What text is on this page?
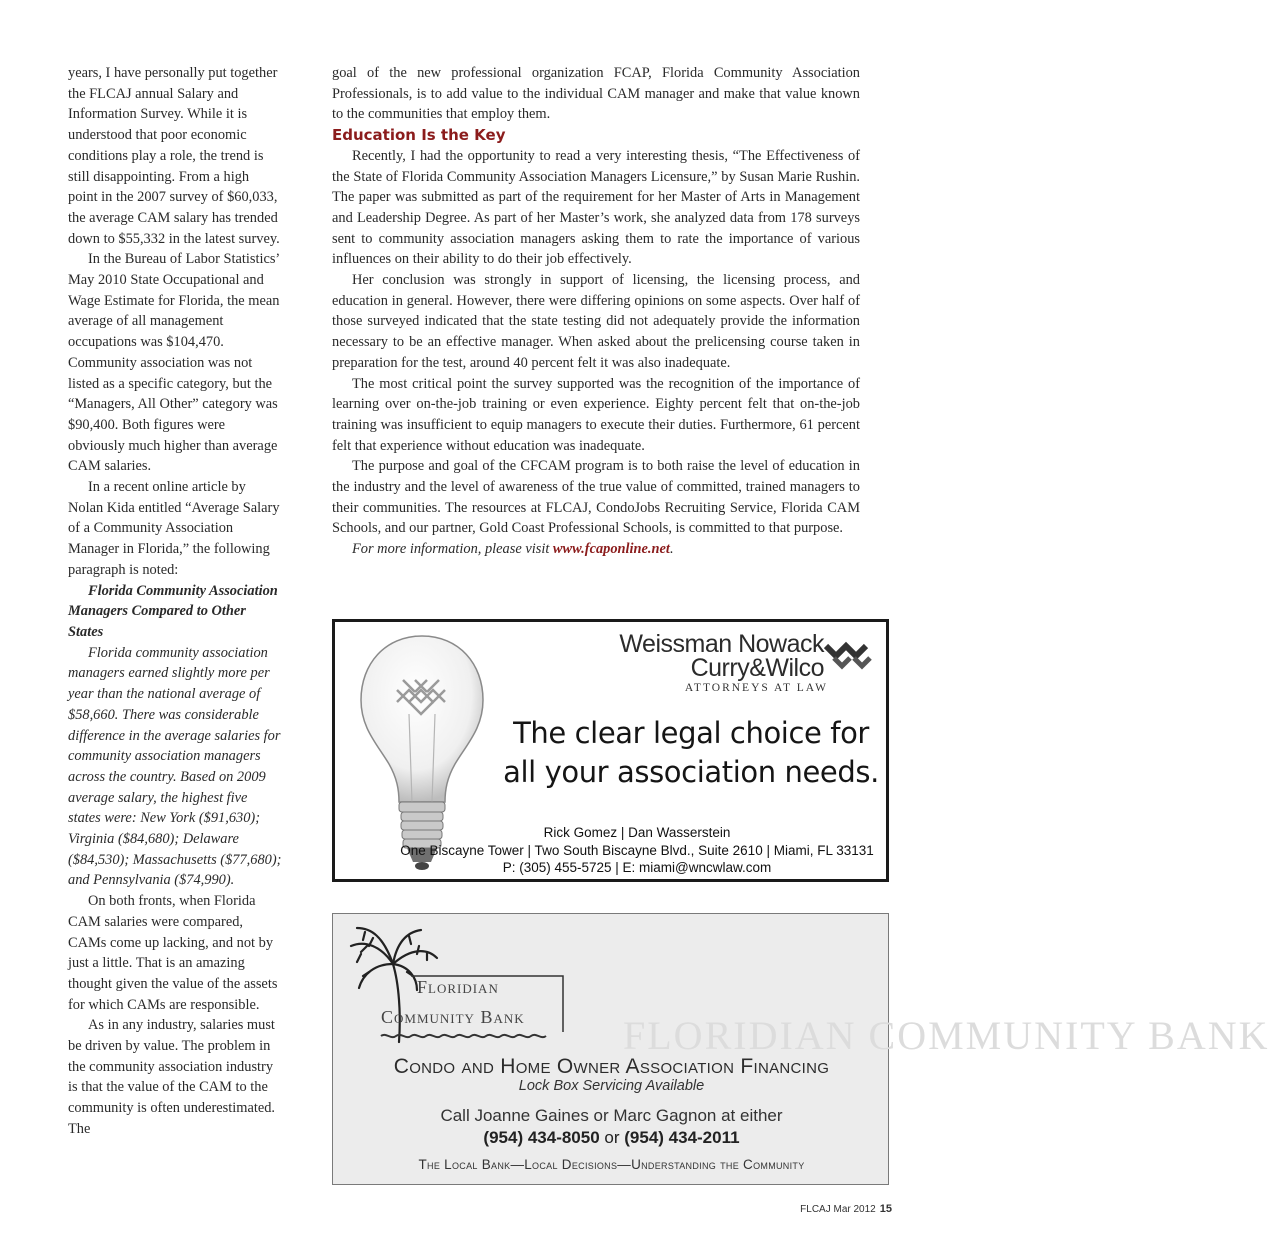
years, I have personally put together the FLCAJ annual Salary and Information Survey. While it is understood that poor economic conditions play a role, the trend is still disappointing. From a high point in the 2007 survey of $60,033, the average CAM salary has trended down to $55,332 in the latest survey.

In the Bureau of Labor Statistics’ May 2010 State Occupational and Wage Estimate for Florida, the mean average of all management occupations was $104,470. Community association was not listed as a specific category, but the “Managers, All Other” category was $90,400. Both figures were obviously much higher than average CAM salaries.

In a recent online article by Nolan Kida entitled “Average Salary of a Community Association Manager in Florida,” the following paragraph is noted:

Florida Community Association Managers Compared to Other States

Florida community association managers earned slightly more per year than the national average of $58,660. There was considerable difference in the average salaries for community association managers across the country. Based on 2009 average salary, the highest five states were: New York ($91,630); Virginia ($84,680); Delaware ($84,530); Massachusetts ($77,680); and Pennsylvania ($74,990).

On both fronts, when Florida CAM salaries were compared, CAMs come up lacking, and not by just a little. That is an amazing thought given the value of the assets for which CAMs are responsible.

As in any industry, salaries must be driven by value. The problem in the community association industry is that the value of the CAM to the community is often underestimated. The

goal of the new professional organization FCAP, Florida Community Association Professionals, is to add value to the individual CAM manager and make that value known to the communities that employ them.

Education Is the Key

Recently, I had the opportunity to read a very interesting thesis, “The Effectiveness of the State of Florida Community Association Managers Licensure,” by Susan Marie Rushin. The paper was submitted as part of the requirement for her Master of Arts in Management and Leadership Degree. As part of her Master’s work, she analyzed data from 178 surveys sent to community association managers asking them to rate the importance of various influences on their ability to do their job effectively.

Her conclusion was strongly in support of licensing, the licensing process, and education in general. However, there were differing opinions on some aspects. Over half of those surveyed indicated that the state testing did not adequately provide the information necessary to be an effective manager. When asked about the prelicensing course taken in preparation for the test, around 40 percent felt it was also inadequate.

The most critical point the survey supported was the recognition of the importance of learning over on-the-job training or even experience. Eighty percent felt that on-the-job training was insufficient to equip managers to execute their duties. Furthermore, 61 percent felt that experience without education was inadequate.

The purpose and goal of the CFCAM program is to both raise the level of education in the industry and the level of awareness of the true value of committed, trained managers to their communities. The resources at FLCAJ, CondoJobs Recruiting Service, Florida CAM Schools, and our partner, Gold Coast Professional Schools, is committed to that purpose.

For more information, please visit www.fcaponline.net.

Weissman Nowack
Curry&Wilco
ATTORNEYS AT LAW
The clear legal choice for
all your association needs.
Rick Gomez | Dan Wasserstein
One Biscayne Tower | Two South Biscayne Blvd., Suite 2610 | Miami, FL 33131
P: (305) 455-5725 | E: miami@wncwlaw.com
FLORIDIAN COMMUNITY BANK
Floridian
Community Bank
Condo and Home Owner Association Financing
Lock Box Servicing Available
Call Joanne Gaines or Marc Gagnon at either
(954) 434-8050 or (954) 434-2011
The Local Bank—Local Decisions—Understanding the Community
FLCAJ Mar 2012 15
